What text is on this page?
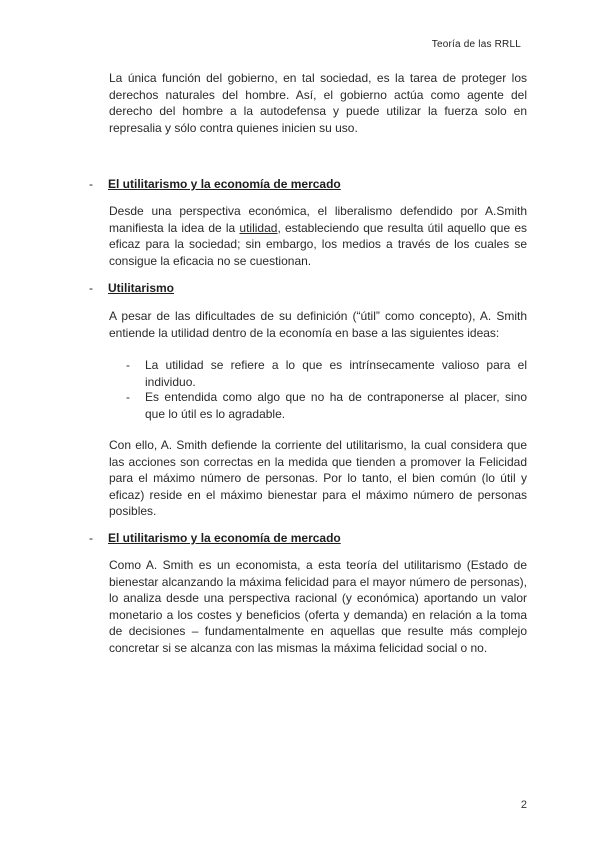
Teoría de las RRLL

La única función del gobierno, en tal sociedad, es la tarea de proteger los derechos naturales del hombre. Así, el gobierno actúa como agente del derecho del hombre a la autodefensa y puede utilizar la fuerza solo en represalia y sólo contra quienes inicien su uso.

- El utilitarismo y la economía de mercado

Desde una perspectiva económica, el liberalismo defendido por A.Smith manifiesta la idea de la utilidad, estableciendo que resulta útil aquello que es eficaz para la sociedad; sin embargo, los medios a través de los cuales se consigue la eficacia no se cuestionan.

- Utilitarismo

A pesar de las dificultades de su definición (“útil” como concepto), A. Smith entiende la utilidad dentro de la economía en base a las siguientes ideas:

- La utilidad se refiere a lo que es intrínsecamente valioso para el individuo.
- Es entendida como algo que no ha de contraponerse al placer, sino que lo útil es lo agradable.

Con ello, A. Smith defiende la corriente del utilitarismo, la cual considera que las acciones son correctas en la medida que tienden a promover la Felicidad para el máximo número de personas. Por lo tanto, el bien común (lo útil y eficaz) reside en el máximo bienestar para el máximo número de personas posibles.

- El utilitarismo y la economía de mercado

Como A. Smith es un economista, a esta teoría del utilitarismo (Estado de bienestar alcanzando la máxima felicidad para el mayor número de personas), lo analiza desde una perspectiva racional (y económica) aportando un valor monetario a los costes y beneficios (oferta y demanda) en relación a la toma de decisiones – fundamentalmente en aquellas que resulte más complejo concretar si se alcanza con las mismas la máxima felicidad social o no.

2
